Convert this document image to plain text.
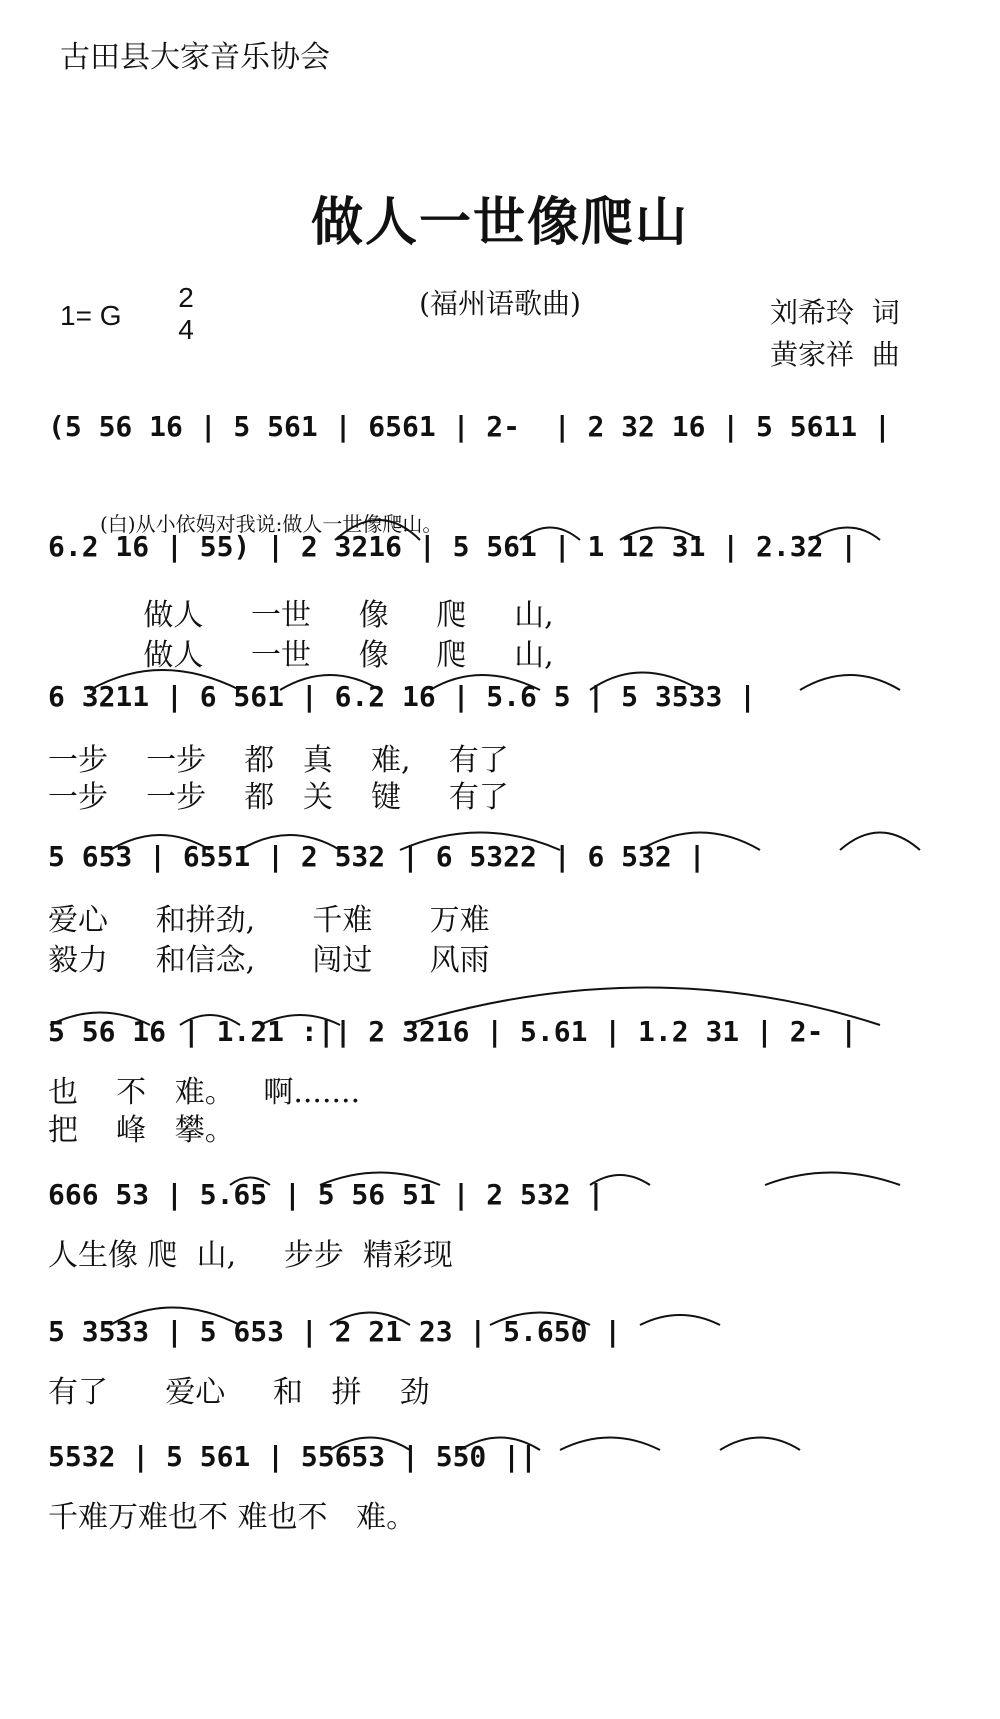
古田县大家音乐协会
做人一世像爬山
(福州语歌曲)
1= G
2
4
刘希玲  词
黄家祥  曲
(5 56 16 | 5 561 | 6561 | 2-  | 2 32 16 | 5 5611 |
(白)从小依妈对我说:做人一世像爬山。
6.2 16 | 55) | 2 3216 | 5 561 | 1 12 31 | 2.32 |
做人     一世     像     爬     山,
做人     一世     像     爬     山,
6 3211 | 6 561 | 6.2 16 | 5.6 5 | 5 3533 |
一步    一步    都   真    难,    有了
一步    一步    都   关    键     有了
5 653 | 6551 | 2 532 | 6 5322 | 6 532 |
爱心     和拼劲,      千难      万难
毅力     和信念,      闯过      风雨
5 56 16 | 1.21 :|| 2 3216 | 5.61 | 1.2 31 | 2- |
也    不   难。   啊.......
把    峰   攀。
666 53 | 5.65 | 5 56 51 | 2 532 |
人生像 爬  山,     步步  精彩现
5 3533 | 5 653 | 2 21 23 | 5.650 |
有了      爱心     和   拼    劲
5532 | 5 561 | 55653 | 550 ||
千难万难也不 难也不   难。
